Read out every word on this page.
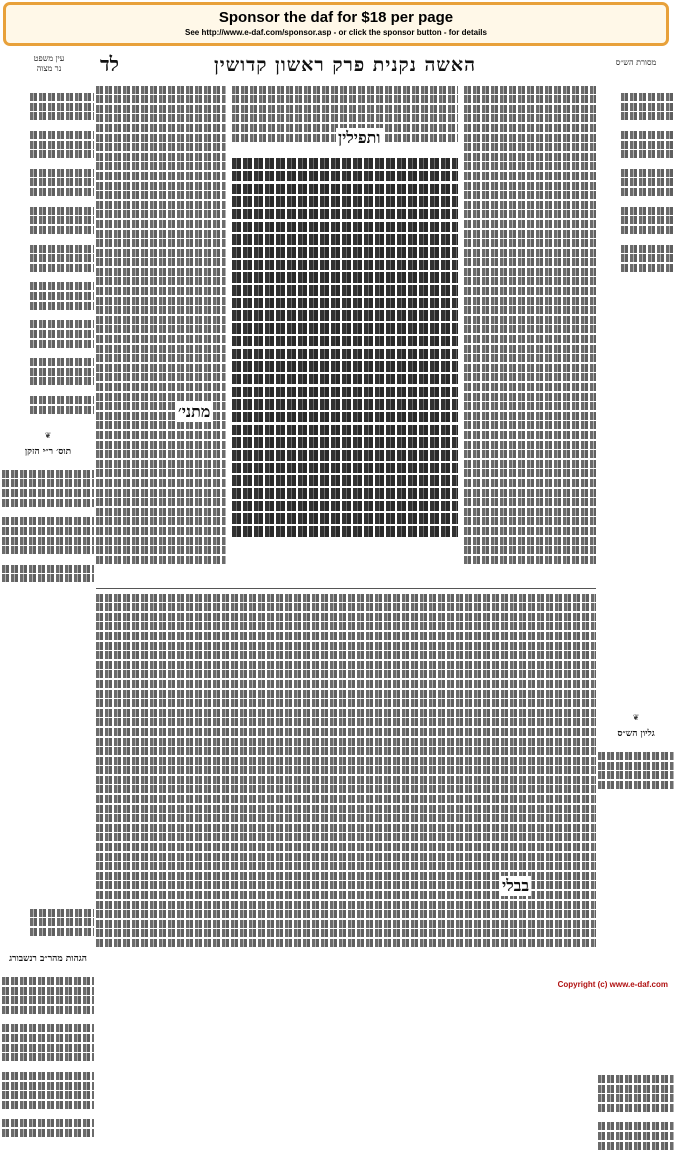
Sponsor the daf for $18 per page
See http://www.e-daf.com/sponsor.asp - or click the sponsor button - for details
עין משפט
נר מצוה	לד	האשה נקנית פרק ראשון קדושין	מסורת הש״ס

❦
תוס׳ ר״י הזקן

הגהות מהר״ב רנשבורג

ותפילין
מתני׳
בבלי

❦
גליון הש״ס

Copyright (c) www.e-daf.com
